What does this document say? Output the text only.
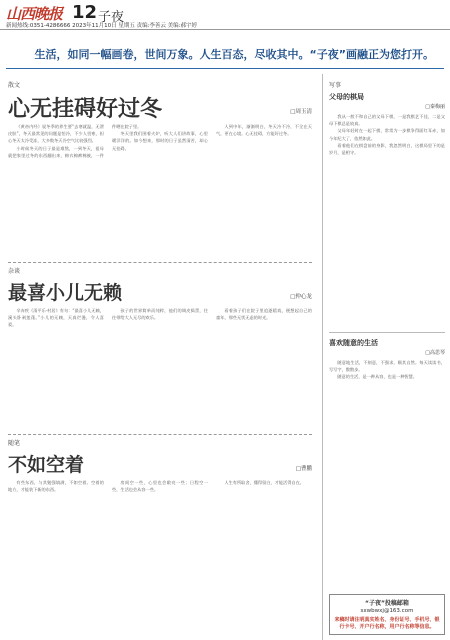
山西晚报 12 子夜
新闻热线:0351-4286666 2023年11月10日 星期五 责编:李善云 美编:郝宇婷
生活，如同一幅画卷，世间万象。人生百态，尽收其中。“子夜”画融正为您打开。
散文
心无挂碍好过冬	□周玉清

《黄帝内经》说冬季的养生要“去寒就温，无泄皮肤”，冬天最常见的问题是怕冷，不少人畏寒，担心冬天太冷受冻，大多数冬天冷空气比较强烈。

小时候冬天的日子最是难熬，一到冬天，祖母就把家里过冬的东西翻出来，棉衣棉裤棉被，一件件晒在院子里。

冬天里我们围着火炉，听大人们讲故事，心里暖洋洋的。如今想来，那时的日子虽然清苦，却心无挂碍。

人到中年，渐渐明白，冬天冷不冷，不全在天气，更在心境。心无挂碍，方能好过冬。

杂谈
最喜小儿无赖	□仲心龙

辛弃疾《清平乐·村居》有句：“最喜小儿无赖，溪头卧剥莲蓬。”小儿的无赖，天真烂漫，令人喜爱。

孩子的世界简单而纯粹，他们的调皮捣蛋，往往带给大人无尽的欢乐。

看着孩子们在院子里追逐嬉戏，便想起自己的童年，那些无忧无虑的时光。

随笔
不如空着	□曹鹏

有些东西，与其勉强填满，不如空着。空着的地方，才能装下新的东西。

房间空一些，心里也会敞亮一些；日程空一些，生活也会从容一些。

人生有所取舍，懂得留白，才能活得自在。

写事
父母的棋局
□秦梅丽

我从一般不和自己的父母下棋，一是我棋艺不佳，二是父母下棋总是较真。

父母年轻时在一起下棋，常常为一步棋争得面红耳赤，如今年纪大了，依然如此。

看着他们在棋盘前的身影，我忽然明白，这棋局里下的是岁月，是相守。

喜欢随意的生活
□高思琴

随意地生活，不刻意，不强求，顺其自然。每天读读书，写写字，散散步。

随意的生活，是一种从容，也是一种智慧。

“子夜”投稿邮箱
sxwbwxj@163.com
来稿时请注明真实姓名、身份证号、手机号、银行卡号、开户行名称，用户行名称等信息。
